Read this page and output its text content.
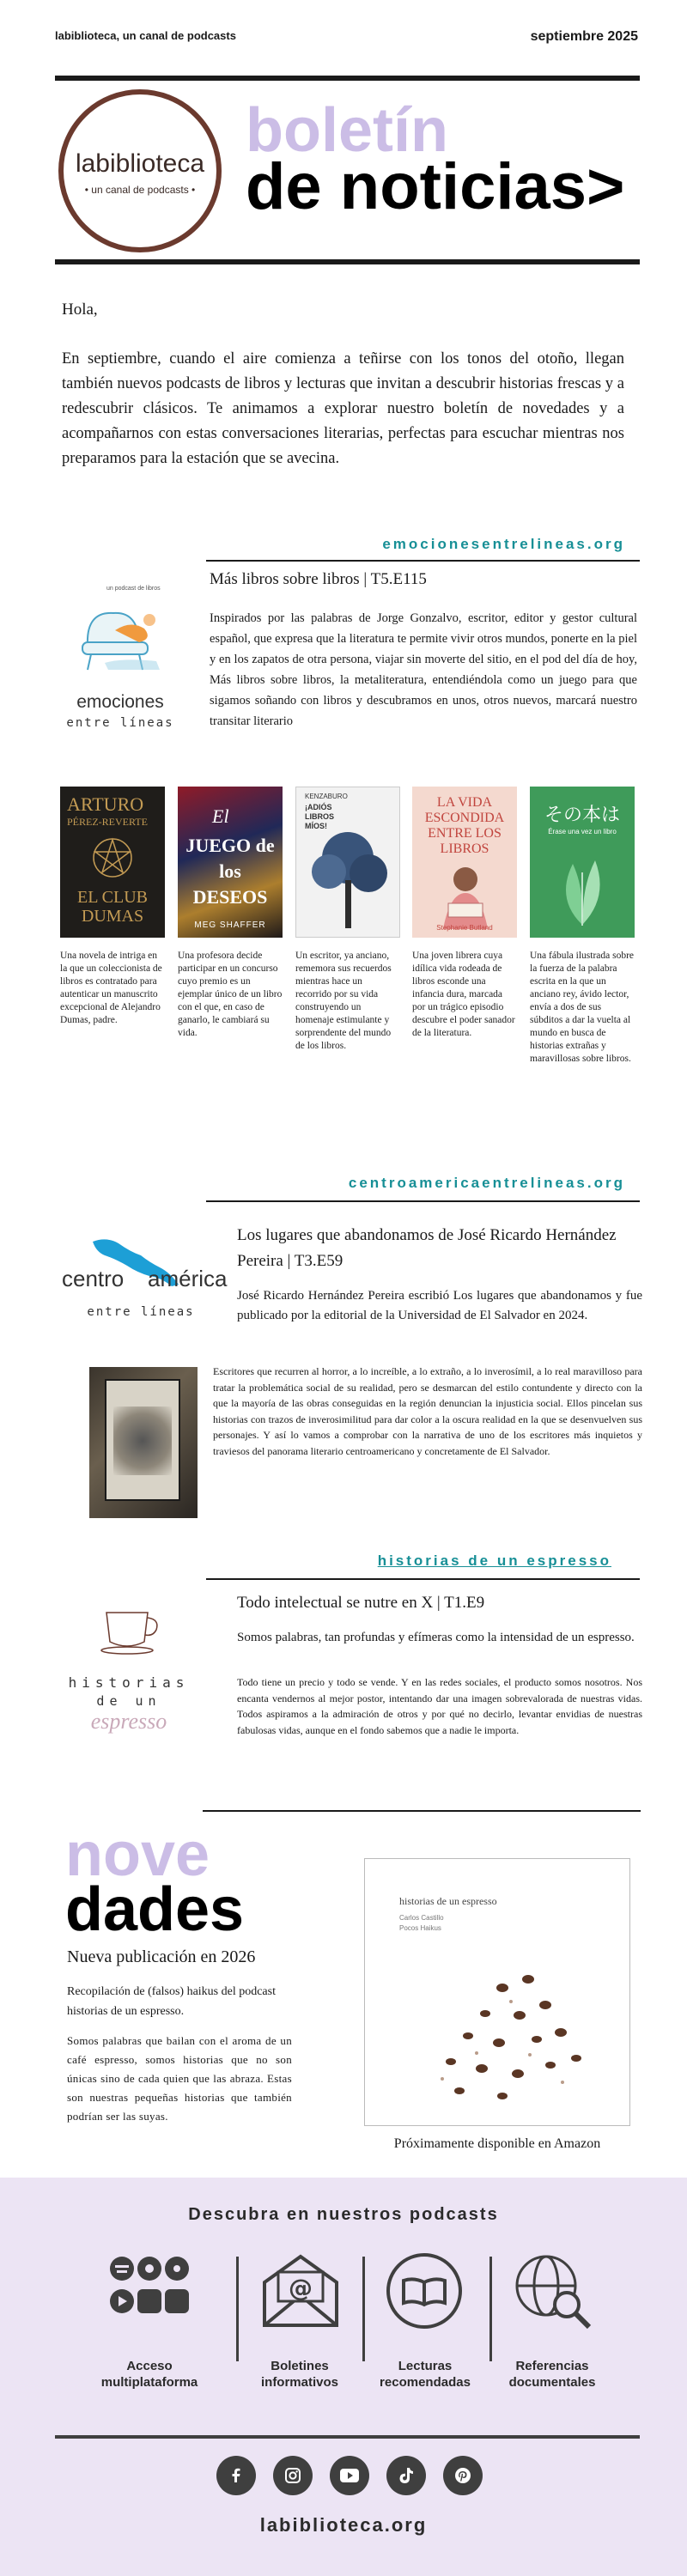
labiblioteca, un canal de podcasts	septiembre 2025
labiblioteca
• un canal de podcasts •
boletín
de noticias>
Hola,
En septiembre, cuando el aire comienza a teñirse con los tonos del otoño, llegan también nuevos podcasts de libros y lecturas que invitan a descubrir historias frescas y a redescubrir clásicos. Te animamos a explorar nuestro boletín de novedades y a acompañarnos con estas conversaciones literarias, perfectas para escuchar mientras nos preparamos para la estación que se avecina.
emocionesentrelineas.org
un podcast de libros
emociones
entre líneas
Más libros sobre libros | T5.E115
Inspirados por las palabras de Jorge Gonzalvo, escritor, editor y gestor cultural español, que expresa que la literatura te permite vivir otros mundos, ponerte en la piel y en los zapatos de otra persona, viajar sin moverte del sitio, en el pod del día de hoy, Más libros sobre libros, la metaliteratura, entendiéndola como un juego para que sigamos soñando con libros y descubramos en unos, otros nuevos, marcará nuestro transitar literario
ARTURO
PÉREZ-REVERTE
EL CLUB DUMAS
El
JUEGO de los DESEOS
MEG SHAFFER
KENZABURO
¡ADIÓS LIBROS MÍOS!
LA VIDA ESCONDIDA ENTRE LOS LIBROS
Stephanie Butland
その本は
Érase una vez un libro
Una novela de intriga en la que un coleccionista de libros es contratado para autenticar un manuscrito excepcional de Alejandro Dumas, padre.
Una profesora decide participar en un concurso cuyo premio es un ejemplar único de un libro con el que, en caso de ganarlo, le cambiará su vida.
Un escritor, ya anciano, rememora sus recuerdos mientras hace un recorrido por su vida construyendo un homenaje estimulante y sorprendente del mundo de los libros.
Una joven librera cuya idílica vida rodeada de libros esconde una infancia dura, marcada por un trágico episodio descubre el poder sanador de la literatura.
Una fábula ilustrada sobre la fuerza de la palabra escrita en la que un anciano rey, ávido lector, envía a dos de sus súbditos a dar la vuelta al mundo en busca de historias extrañas y maravillosas sobre libros.
centroamericaentrelineas.org
centro américa
entre líneas
Los lugares que abandonamos de José Ricardo Hernández Pereira | T3.E59
José Ricardo Hernández Pereira escribió Los lugares que abandonamos y fue publicado por la editorial de la Universidad de El Salvador en 2024.
Escritores que recurren al horror, a lo increíble, a lo extraño, a lo inverosímil, a lo real maravilloso para tratar la problemática social de su realidad, pero se desmarcan del estilo contundente y directo con la que la mayoría de las obras conseguidas en la región denuncian la injusticia social. Ellos pincelan sus historias con trazos de inverosimilitud para dar color a la oscura realidad en la que se desenvuelven sus personajes. Y así lo vamos a comprobar con la narrativa de uno de los escritores más inquietos y traviesos del panorama literario centroamericano y concretamente de El Salvador.
historias de un espresso
historias
de un
espresso
Todo intelectual se nutre en X | T1.E9
Somos palabras, tan profundas y efímeras como la intensidad de un espresso.
Todo tiene un precio y todo se vende. Y en las redes sociales, el producto somos nosotros. Nos encanta vendernos al mejor postor, intentando dar una imagen sobrevalorada de nuestras vidas. Todos aspiramos a la admiración de otros y por qué no decirlo, levantar envidias de nuestras fabulosas vidas, aunque en el fondo sabemos que a nadie le importa.
nove
dades
Nueva publicación en 2026
Recopilación de (falsos) haikus del podcast historias de un espresso.
Somos palabras que bailan con el aroma de un café espresso, somos historias que no son únicas sino de cada quien que las abraza. Estas son nuestras pequeñas historias que también podrían ser las suyas.
historias de un espresso
Carlos Castillo
Pocos Haikus
Próximamente disponible en Amazon
Descubra en nuestros podcasts
@
Acceso multiplataforma
Boletines informativos
Lecturas recomendadas
Referencias documentales
labiblioteca.org
